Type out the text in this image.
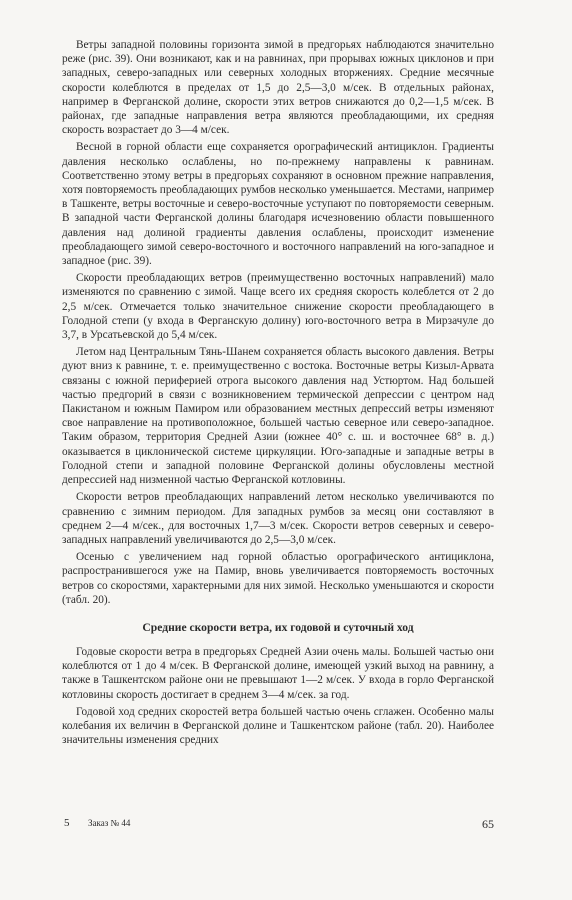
Ветры западной половины горизонта зимой в предгорьях наблюдаются значительно реже (рис. 39). Они возникают, как и на равнинах, при прорывах южных циклонов и при западных, северо-западных или северных холодных вторжениях. Средние месячные скорости колеблются в пределах от 1,5 до 2,5—3,0 м/сек. В отдельных районах, например в Ферганской долине, скорости этих ветров снижаются до 0,2—1,5 м/сек. В районах, где западные направления ветра являются преобладающими, их средняя скорость возрастает до 3—4 м/сек.

Весной в горной области еще сохраняется орографический антициклон. Градиенты давления несколько ослаблены, но по-прежнему направлены к равнинам. Соответственно этому ветры в предгорьях сохраняют в основном прежние направления, хотя повторяемость преобладающих румбов несколько уменьшается. Местами, например в Ташкенте, ветры восточные и северо-восточные уступают по повторяемости северным. В западной части Ферганской долины благодаря исчезновению области повышенного давления над долиной градиенты давления ослаблены, происходит изменение преобладающего зимой северо-восточного и восточного направлений на юго-западное и западное (рис. 39).

Скорости преобладающих ветров (преимущественно восточных направлений) мало изменяются по сравнению с зимой. Чаще всего их средняя скорость колеблется от 2 до 2,5 м/сек. Отмечается только значительное снижение скорости преобладающего в Голодной степи (у входа в Ферганскую долину) юго-восточного ветра в Мирзачуле до 3,7, в Урсатьевской до 5,4 м/сек.

Летом над Центральным Тянь-Шанем сохраняется область высокого давления. Ветры дуют вниз к равнине, т. е. преимущественно с востока. Восточные ветры Кизыл-Арвата связаны с южной периферией отрога высокого давления над Устюртом. Над большей частью предгорий в связи с возникновением термической депрессии с центром над Пакистаном и южным Памиром или образованием местных депрессий ветры изменяют свое направление на противоположное, большей частью северное или северо-западное. Таким образом, территория Средней Азии (южнее 40° с. ш. и восточнее 68° в. д.) оказывается в циклонической системе циркуляции. Юго-западные и западные ветры в Голодной степи и западной половине Ферганской долины обусловлены местной депрессией над низменной частью Ферганской котловины.

Скорости ветров преобладающих направлений летом несколько увеличиваются по сравнению с зимним периодом. Для западных румбов за месяц они составляют в среднем 2—4 м/сек., для восточных 1,7—3 м/сек. Скорости ветров северных и северо-западных направлений увеличиваются до 2,5—3,0 м/сек.

Осенью с увеличением над горной областью орографического антициклона, распространившегося уже на Памир, вновь увеличивается повторяемость восточных ветров со скоростями, характерными для них зимой. Несколько уменьшаются и скорости (табл. 20).

Средние скорости ветра, их годовой и суточный ход

Годовые скорости ветра в предгорьях Средней Азии очень малы. Большей частью они колеблются от 1 до 4 м/сек. В Ферганской долине, имеющей узкий выход на равнину, а также в Ташкентском районе они не превышают 1—2 м/сек. У входа в горло Ферганской котловины скорость достигает в среднем 3—4 м/сек. за год.

Годовой ход средних скоростей ветра большей частью очень сглажен. Особенно малы колебания их величин в Ферганской долине и Ташкентском районе (табл. 20). Наиболее значительны изменения средних

5 Заказ № 44	65
